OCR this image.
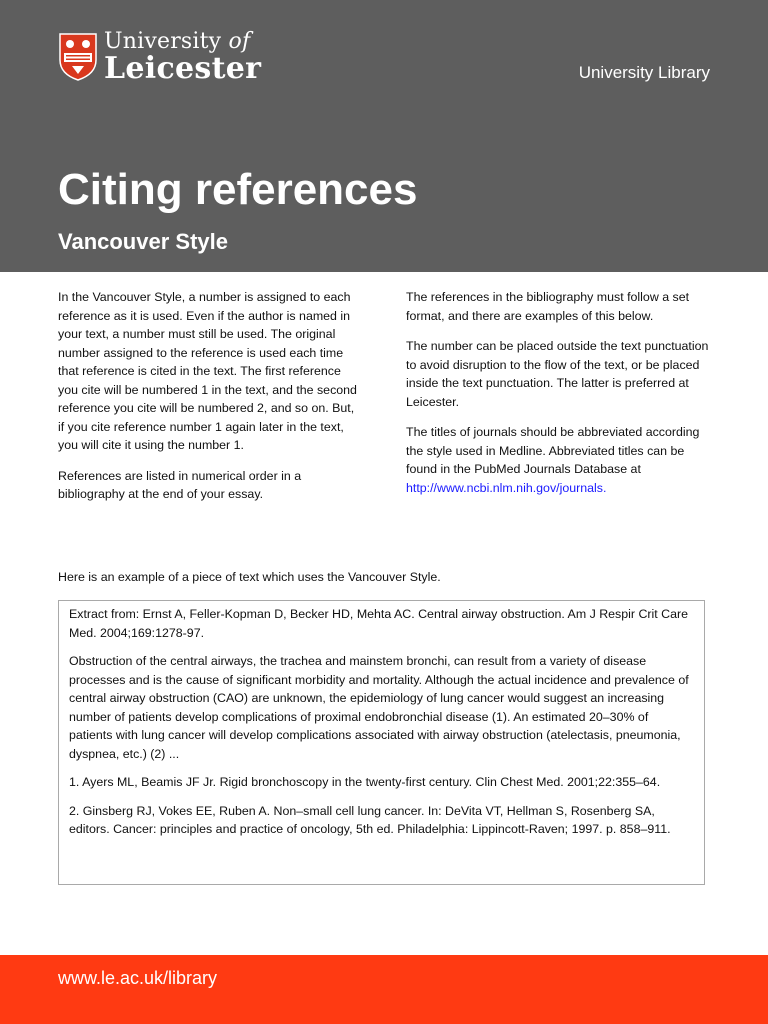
University of
Leicester	University Library
Citing references
Vancouver Style

In the Vancouver Style, a number is assigned to each reference as it is used. Even if the author is named in your text, a number must still be used. The original number assigned to the reference is used each time that reference is cited in the text. The first reference you cite will be numbered 1 in the text, and the second reference you cite will be numbered 2, and so on. But, if you cite reference number 1 again later in the text, you will cite it using the number 1.

References are listed in numerical order in a bibliography at the end of your essay.

The references in the bibliography must follow a set format, and there are examples of this below.

The number can be placed outside the text punctuation to avoid disruption to the flow of the text, or be placed inside the text punctuation. The latter is preferred at Leicester.

The titles of journals should be abbreviated according the style used in Medline. Abbreviated titles can be found in the PubMed Journals Database at http://www.ncbi.nlm.nih.gov/journals.

Here is an example of a piece of text which uses the Vancouver Style.

Extract from: Ernst A, Feller-Kopman D, Becker HD, Mehta AC. Central airway obstruction. Am J Respir Crit Care Med. 2004;169:1278-97.

Obstruction of the central airways, the trachea and mainstem bronchi, can result from a variety of disease processes and is the cause of significant morbidity and mortality. Although the actual incidence and prevalence of central airway obstruction (CAO) are unknown, the epidemiology of lung cancer would suggest an increasing number of patients develop complications of proximal endobronchial disease (1). An estimated 20–30% of patients with lung cancer will develop complications associated with airway obstruction (atelectasis, pneumonia, dyspnea, etc.) (2) ...

1. Ayers ML, Beamis JF Jr. Rigid bronchoscopy in the twenty-first century. Clin Chest Med. 2001;22:355–64.

2. Ginsberg RJ, Vokes EE, Ruben A. Non–small cell lung cancer. In: DeVita VT, Hellman S, Rosenberg SA, editors. Cancer: principles and practice of oncology, 5th ed. Philadelphia: Lippincott-Raven; 1997. p. 858–911.

www.le.ac.uk/library
